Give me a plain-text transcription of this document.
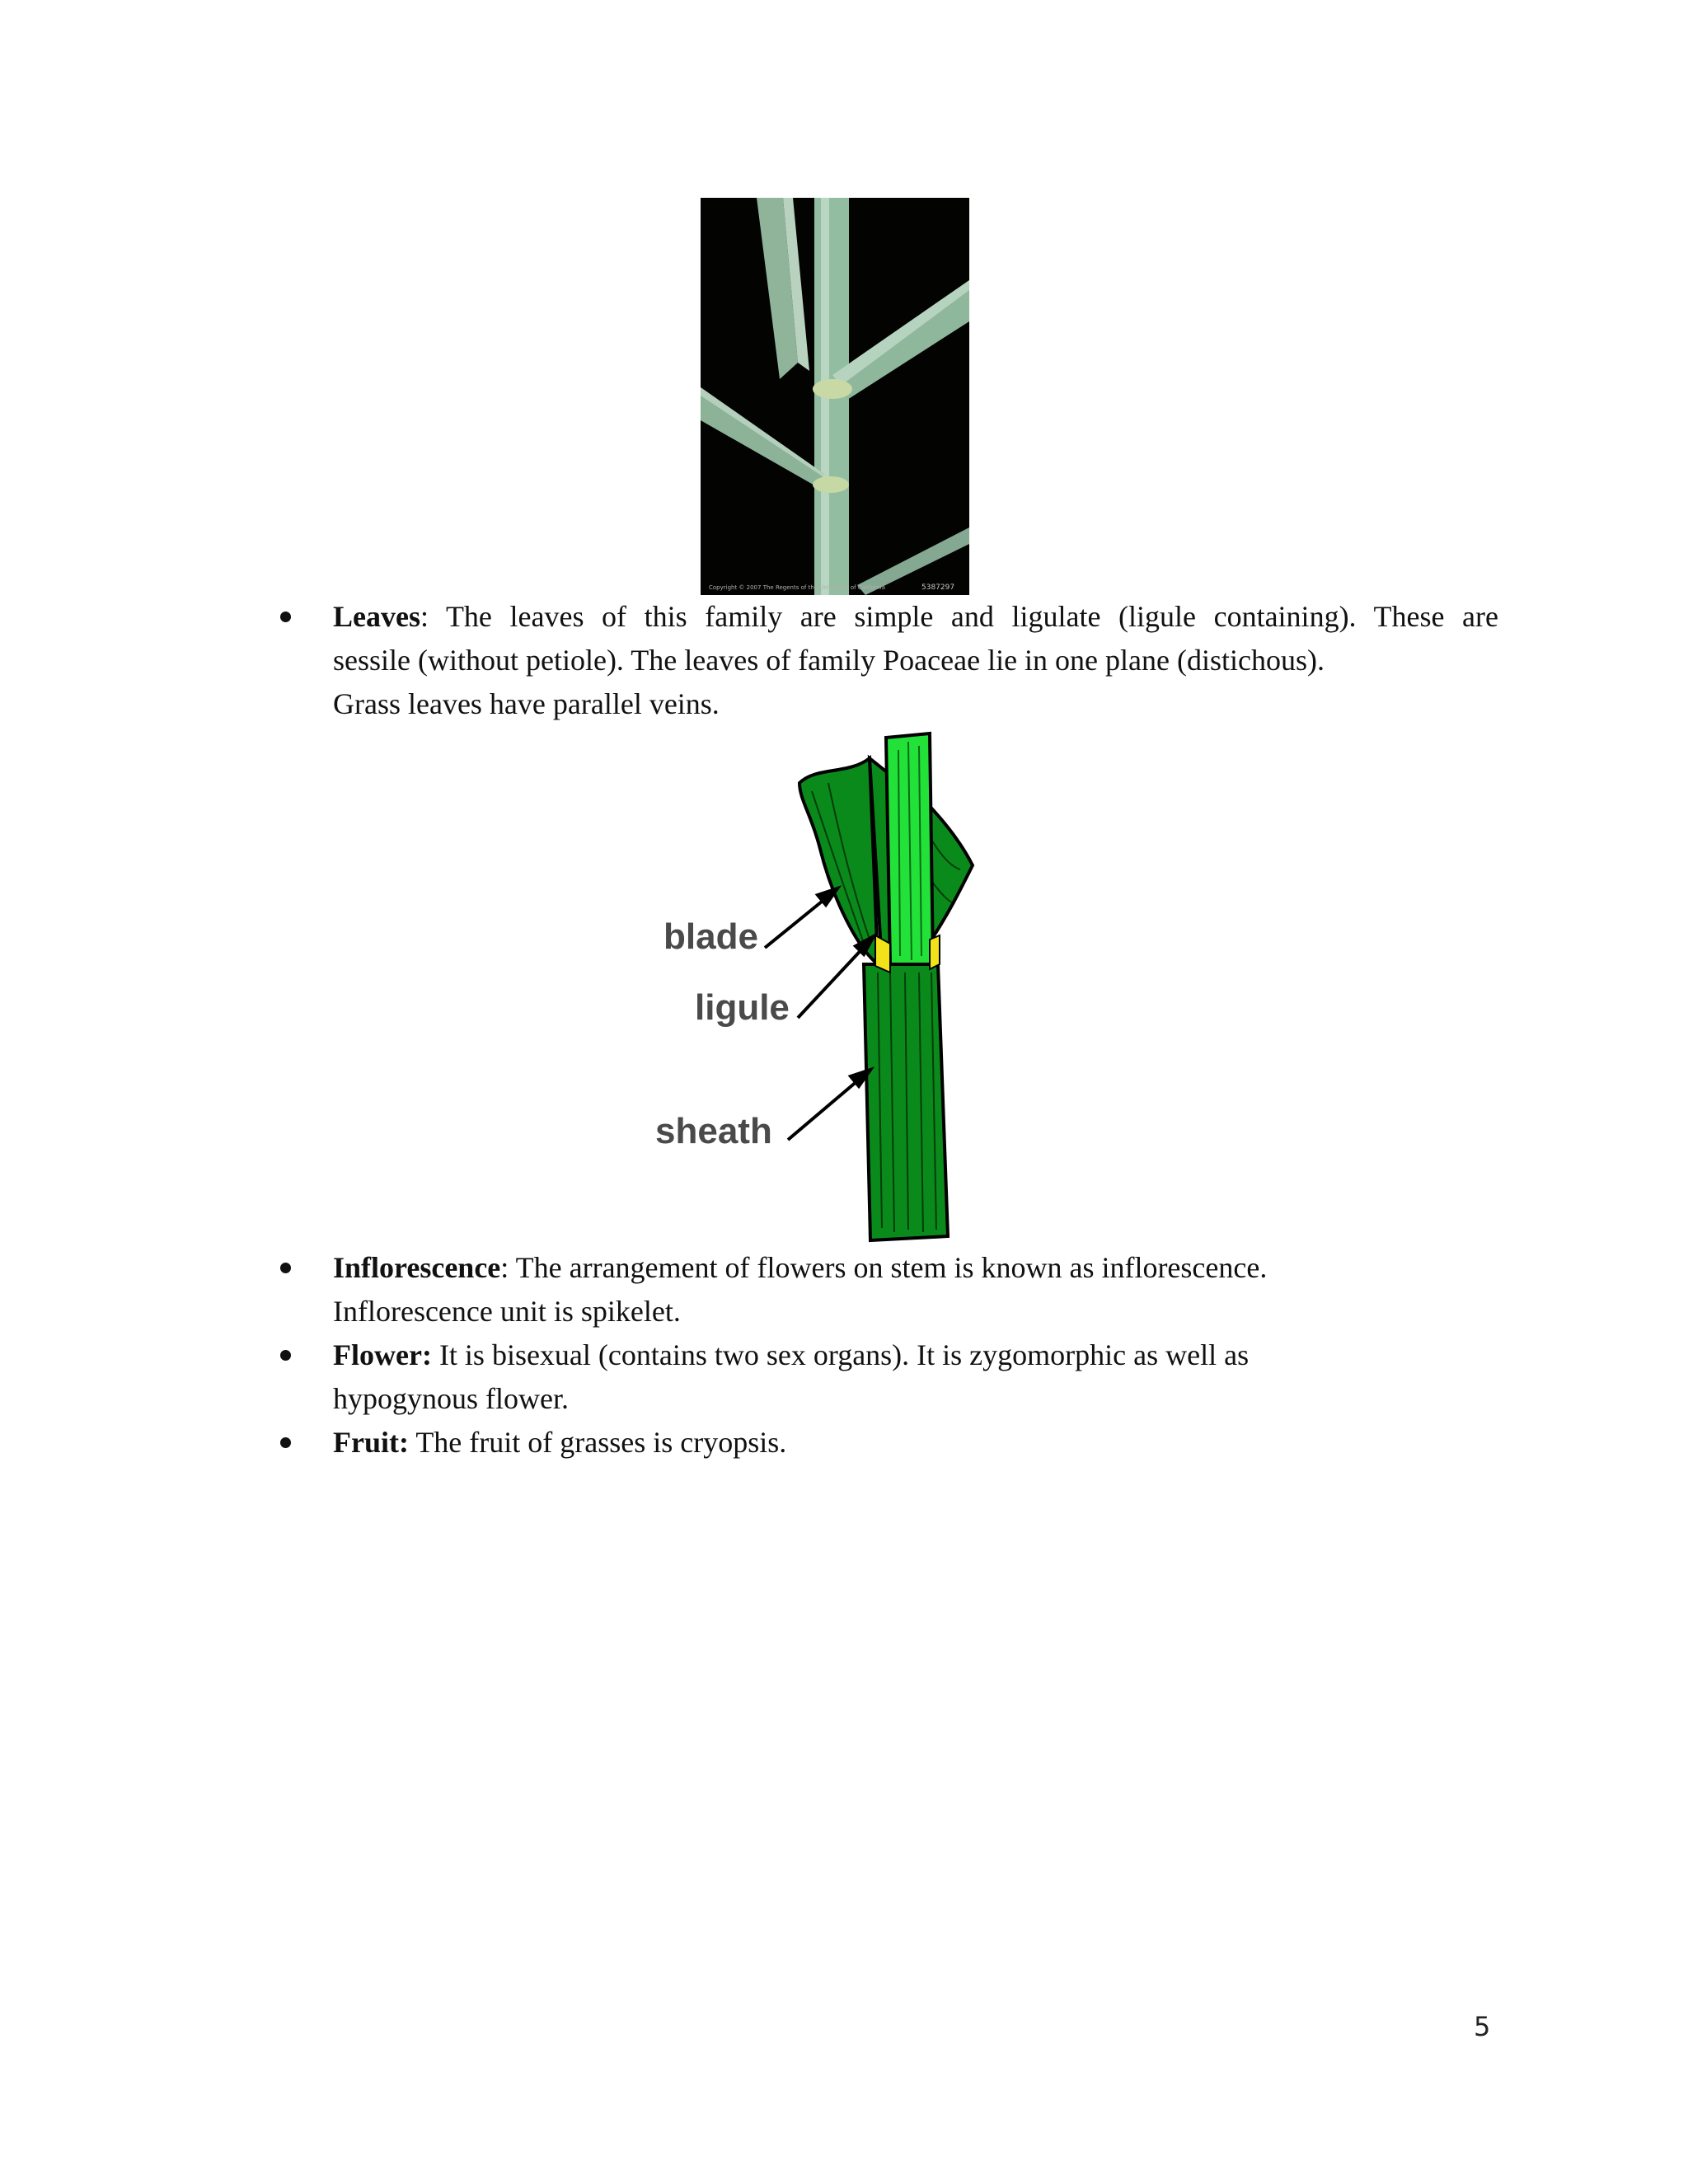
Copyright © 2007 The Regents of the University of California	5387297
Leaves: The leaves of this family are simple and ligulate (ligule containing). These are
sessile (without petiole). The leaves of family Poaceae lie in one plane (distichous).
Grass leaves have parallel veins.
blade
ligule
sheath
Inflorescence: The arrangement of flowers on stem is known as inflorescence.
Inflorescence unit is spikelet.
Flower: It is bisexual (contains two sex organs). It is zygomorphic as well as
hypogynous flower.
Fruit: The fruit of grasses is cryopsis.
5
